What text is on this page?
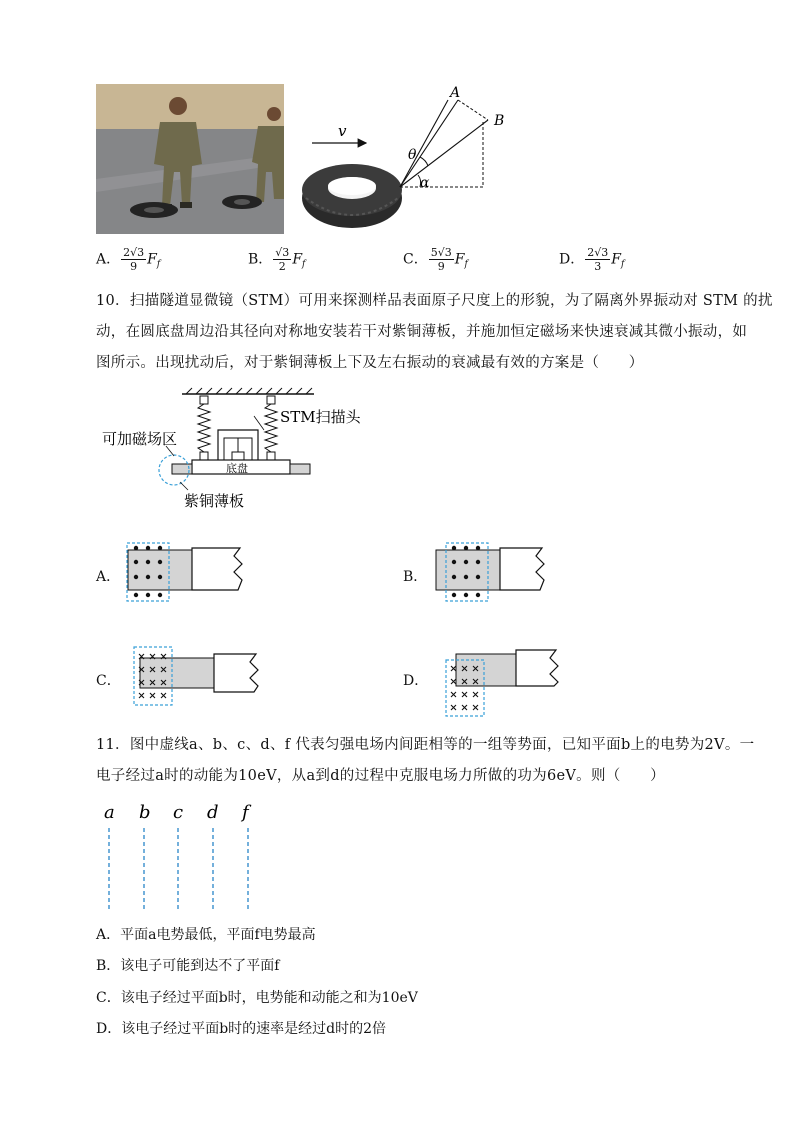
v
A
B
θ
α
A． $\frac{2√3}{9} F_f$	B． $\frac{√3}{2} F_f$	C． $\frac{5√3}{9} F_f$	D． $\frac{2√3}{3} F_f$
10．扫描隧道显微镜（STM）可用来探测样品表面原子尺度上的形貌，为了隔离外界振动对 STM 的扰
动，在圆底盘周边沿其径向对称地安装若干对紫铜薄板，并施加恒定磁场来快速衰减其微小振动，如
图所示。出现扰动后，对于紫铜薄板上下及左右振动的衰减最有效的方案是（　　）
可加磁场区
STM扫描头
底盘
紫铜薄板
A．	B．
C．	D．
11．图中虚线a、b、c、d、f 代表匀强电场内间距相等的一组等势面，已知平面b上的电势为2V。一
电子经过a时的动能为10eV，从a到d的过程中克服电场力所做的功为6eV。则（　　）
a b c d f
A．平面a电势最低，平面f电势最高
B．该电子可能到达不了平面f
C．该电子经过平面b时，电势能和动能之和为10eV
D．该电子经过平面b时的速率是经过d时的2倍
